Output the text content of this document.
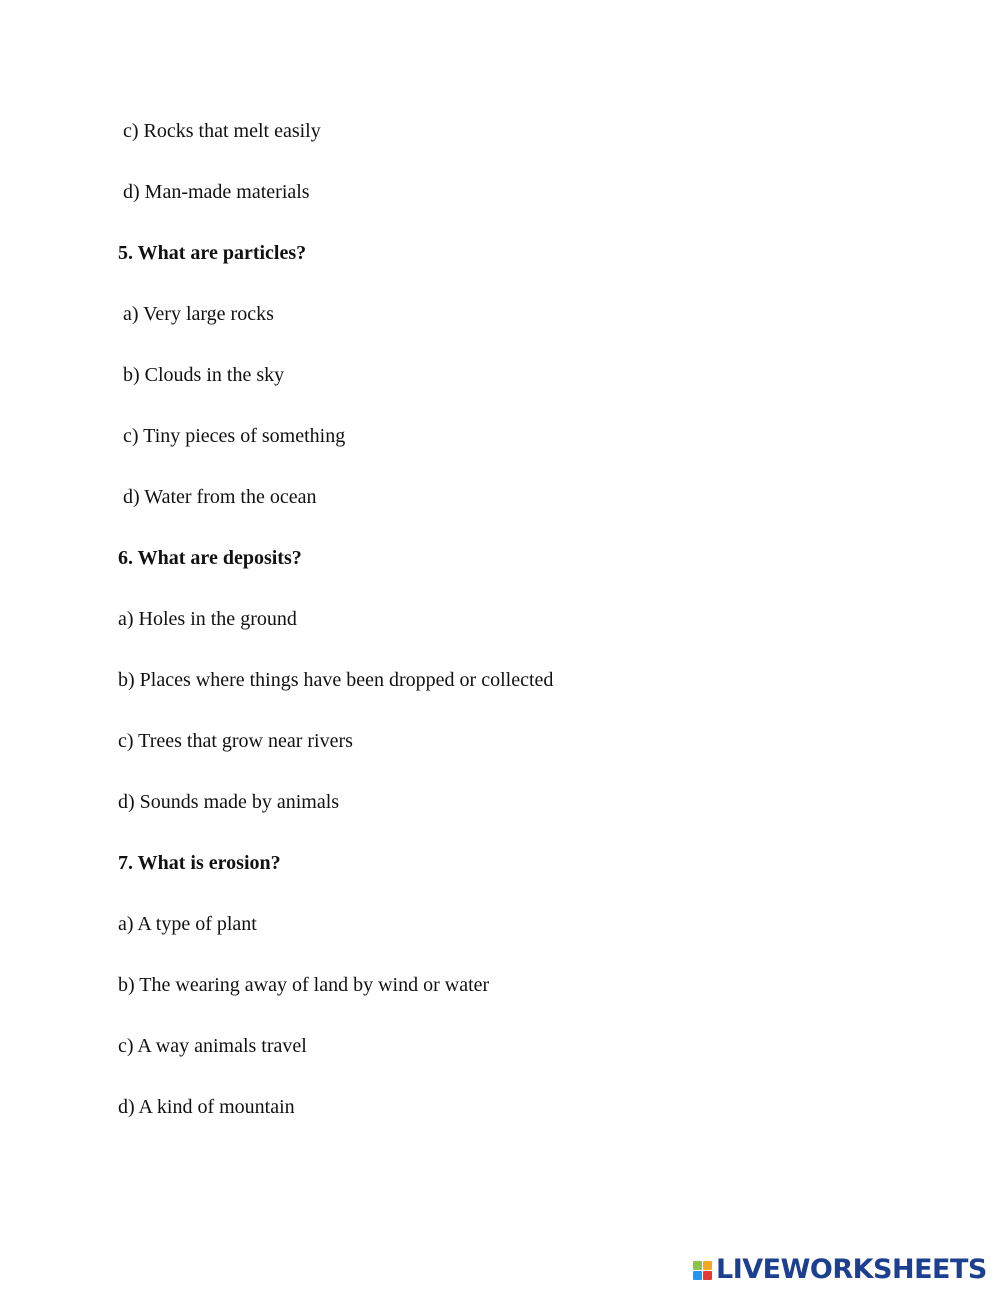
c) Rocks that melt easily
d) Man-made materials
5. What are particles?
a) Very large rocks
b) Clouds in the sky
c) Tiny pieces of something
d) Water from the ocean
6. What are deposits?
a) Holes in the ground
b) Places where things have been dropped or collected
c) Trees that grow near rivers
d) Sounds made by animals
7. What is erosion?
a) A type of plant
b) The wearing away of land by wind or water
c) A way animals travel
d) A kind of mountain
LIVEWORKSHEETS
